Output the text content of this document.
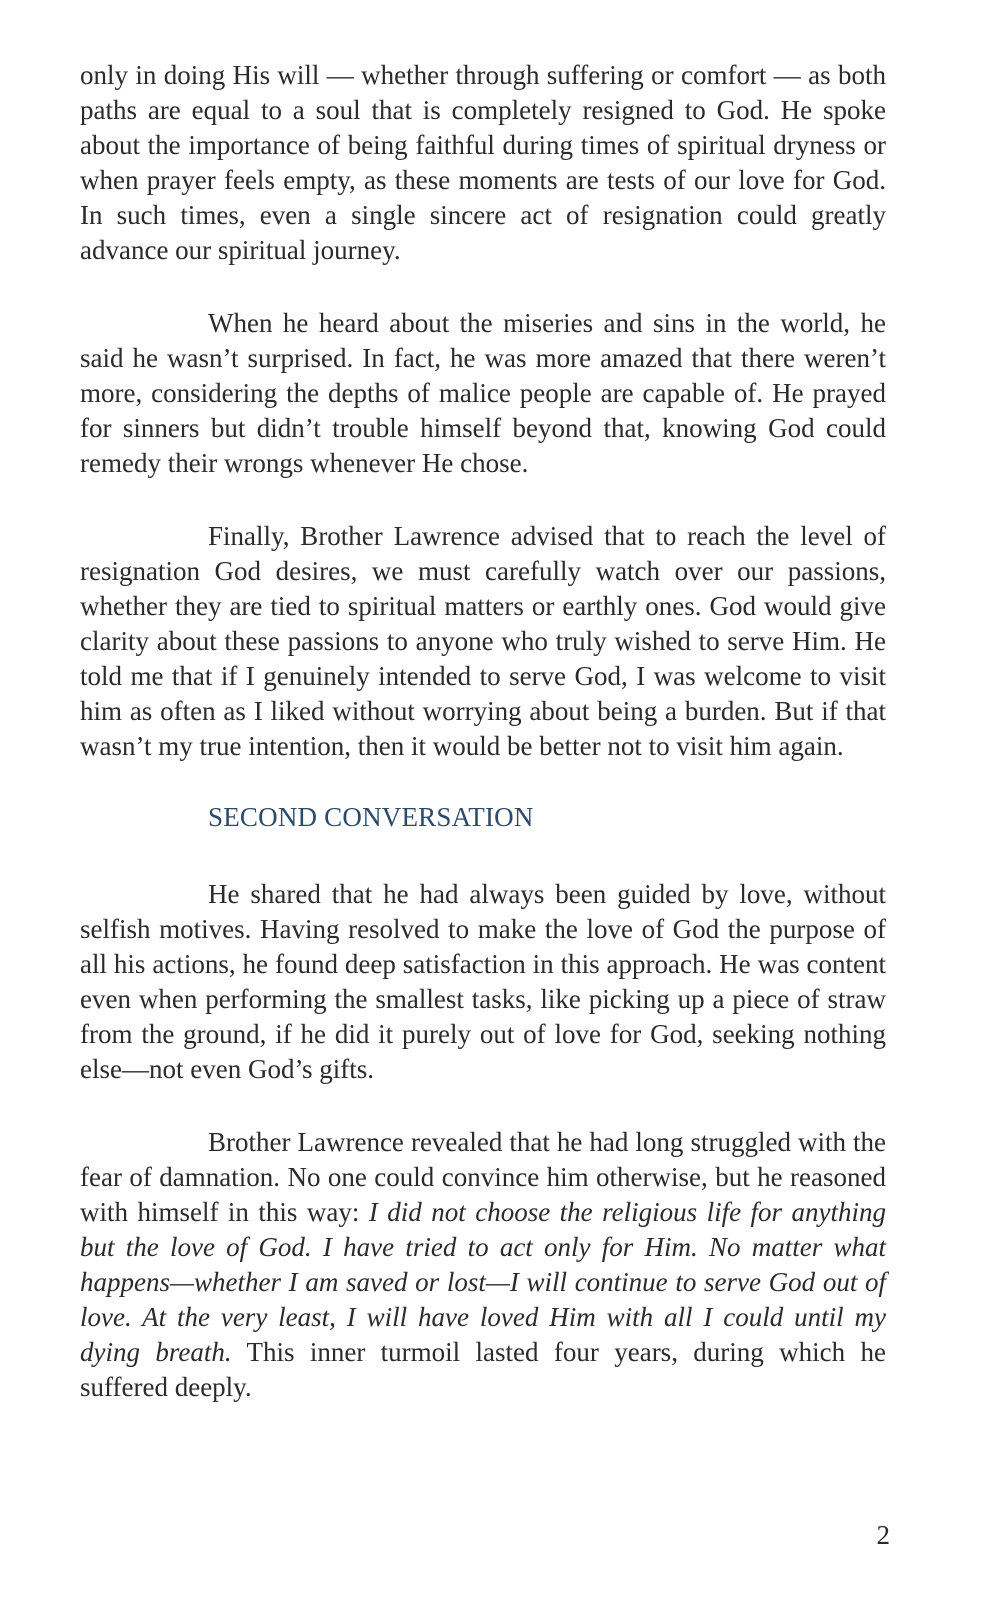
only in doing His will — whether through suffering or comfort — as both paths are equal to a soul that is completely resigned to God. He spoke about the importance of being faithful during times of spiritual dryness or when prayer feels empty, as these moments are tests of our love for God. In such times, even a single sincere act of resignation could greatly advance our spiritual journey.

When he heard about the miseries and sins in the world, he said he wasn’t surprised. In fact, he was more amazed that there weren’t more, considering the depths of malice people are capable of. He prayed for sinners but didn’t trouble himself beyond that, knowing God could remedy their wrongs whenever He chose.

Finally, Brother Lawrence advised that to reach the level of resignation God desires, we must carefully watch over our passions, whether they are tied to spiritual matters or earthly ones. God would give clarity about these passions to anyone who truly wished to serve Him. He told me that if I genuinely intended to serve God, I was welcome to visit him as often as I liked without worrying about being a burden. But if that wasn’t my true intention, then it would be better not to visit him again.

SECOND CONVERSATION

He shared that he had always been guided by love, without selfish motives. Having resolved to make the love of God the purpose of all his actions, he found deep satisfaction in this approach. He was content even when performing the smallest tasks, like picking up a piece of straw from the ground, if he did it purely out of love for God, seeking nothing else—not even God’s gifts.

Brother Lawrence revealed that he had long struggled with the fear of damnation. No one could convince him otherwise, but he reasoned with himself in this way: I did not choose the religious life for anything but the love of God. I have tried to act only for Him. No matter what happens—whether I am saved or lost—I will continue to serve God out of love. At the very least, I will have loved Him with all I could until my dying breath. This inner turmoil lasted four years, during which he suffered deeply.

2
